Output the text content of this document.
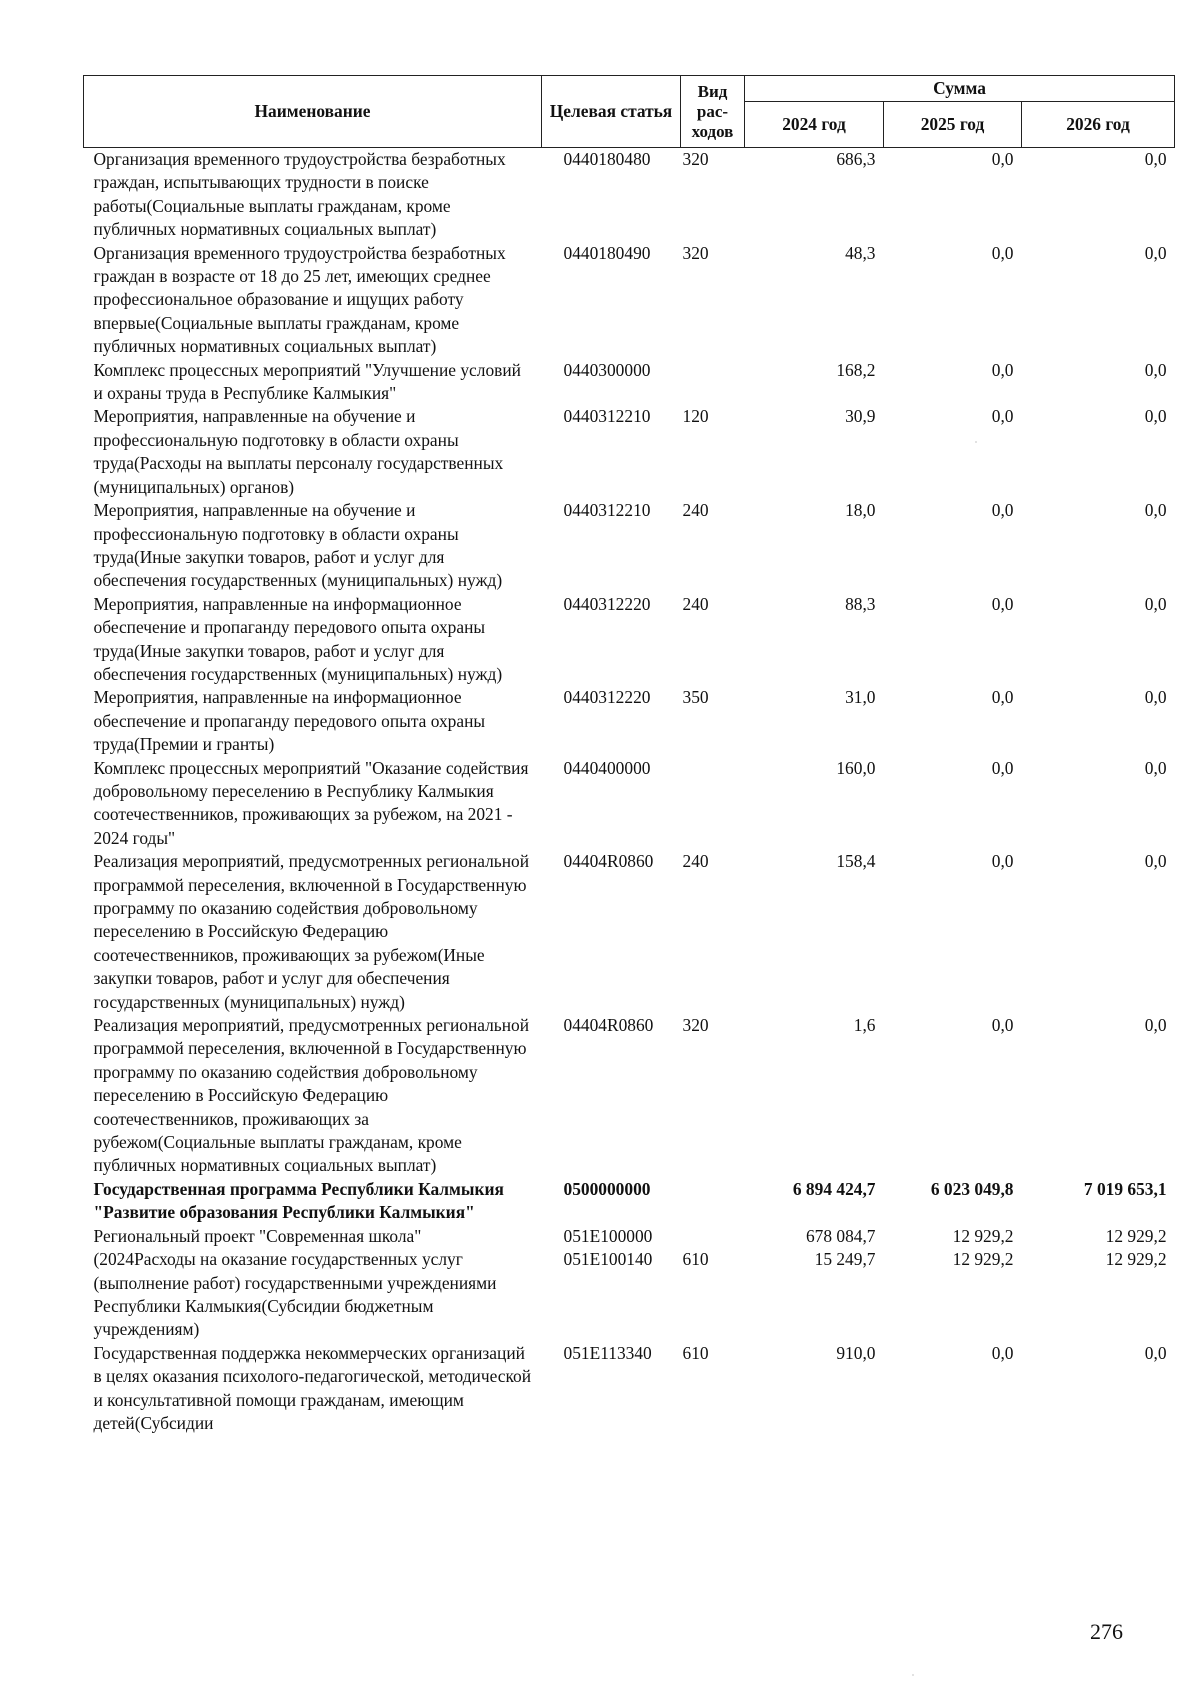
Наименование	Целевая статья	Вид рас-ходов	Сумма		
			2024 год	2025 год	2026 год
Организация временного трудоустройства безработных граждан, испытывающих трудности в поиске работы(Социальные выплаты гражданам, кроме публичных нормативных социальных выплат)	0440180480	320	686,3	0,0	0,0
Организация временного трудоустройства безработных граждан в возрасте от 18 до 25 лет, имеющих среднее профессиональное образование и ищущих работу впервые(Социальные выплаты гражданам, кроме публичных нормативных социальных выплат)	0440180490	320	48,3	0,0	0,0
Комплекс процессных мероприятий "Улучшение условий и охраны труда в Республике Калмыкия"	0440300000		168,2	0,0	0,0
Мероприятия, направленные на обучение и профессиональную подготовку в области охраны труда(Расходы на выплаты персоналу государственных (муниципальных) органов)	0440312210	120	30,9	0,0	0,0
Мероприятия, направленные на обучение и профессиональную подготовку в области охраны труда(Иные закупки товаров, работ и услуг для обеспечения государственных (муниципальных) нужд)	0440312210	240	18,0	0,0	0,0
Мероприятия, направленные на информационное обеспечение и пропаганду передового опыта охраны труда(Иные закупки товаров, работ и услуг для обеспечения государственных (муниципальных) нужд)	0440312220	240	88,3	0,0	0,0
Мероприятия, направленные на информационное обеспечение и пропаганду передового опыта охраны труда(Премии и гранты)	0440312220	350	31,0	0,0	0,0
Комплекс процессных мероприятий "Оказание содействия добровольному переселению в Республику Калмыкия соотечественников, проживающих за рубежом, на 2021 - 2024 годы"	0440400000		160,0	0,0	0,0
Реализация мероприятий, предусмотренных региональной программой переселения, включенной в Государственную программу по оказанию содействия добровольному переселению в Российскую Федерацию соотечественников, проживающих за рубежом(Иные закупки товаров, работ и услуг для обеспечения государственных (муниципальных) нужд)	04404R0860	240	158,4	0,0	0,0
Реализация мероприятий, предусмотренных региональной программой переселения, включенной в Государственную программу по оказанию содействия добровольному переселению в Российскую Федерацию соотечественников, проживающих за рубежом(Социальные выплаты гражданам, кроме публичных нормативных социальных выплат)	04404R0860	320	1,6	0,0	0,0
Государственная программа Республики Калмыкия "Развитие образования Республики Калмыкия"	0500000000		6 894 424,7	6 023 049,8	7 019 653,1
Региональный проект "Современная школа"	051E100000		678 084,7	12 929,2	12 929,2
(2024Расходы на оказание государственных услуг (выполнение работ) государственными учреждениями Республики Калмыкия(Субсидии бюджетным учреждениям)	051E100140	610	15 249,7	12 929,2	12 929,2
Государственная поддержка некоммерческих организаций в целях оказания психолого-педагогической, методической и консультативной помощи гражданам, имеющим детей(Субсидии	051E113340	610	910,0	0,0	0,0
276
